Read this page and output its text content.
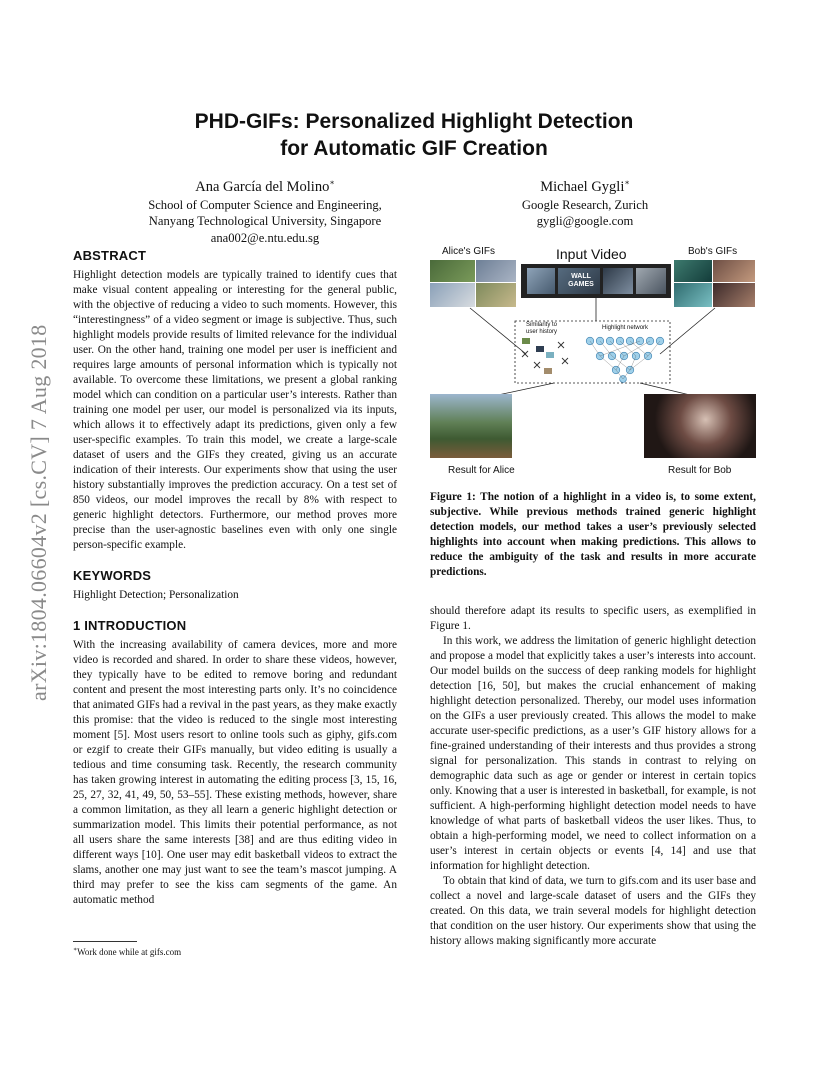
arXiv:1804.06604v2 [cs.CV] 7 Aug 2018
PHD-GIFs: Personalized Highlight Detection
for Automatic GIF Creation
Ana García del Molino∗
School of Computer Science and Engineering,
Nanyang Technological University, Singapore
ana002@e.ntu.edu.sg
Michael Gygli∗
Google Research, Zurich
gygli@google.com
ABSTRACT

Highlight detection models are typically trained to identify cues that make visual content appealing or interesting for the general public, with the objective of reducing a video to such moments. However, this “interestingness” of a video segment or image is subjective. Thus, such highlight models provide results of limited relevance for the individual user. On the other hand, training one model per user is inefficient and requires large amounts of personal information which is typically not available. To overcome these limitations, we present a global ranking model which can condition on a particular user’s interests. Rather than training one model per user, our model is personalized via its inputs, which allows it to effectively adapt its predictions, given only a few user-specific examples. To train this model, we create a large-scale dataset of users and the GIFs they created, giving us an accurate indication of their interests. Our experiments show that using the user history substantially improves the prediction accuracy. On a test set of 850 videos, our model improves the recall by 8% with respect to generic highlight detectors. Furthermore, our method proves more precise than the user-agnostic baselines even with only one single person-specific example.

KEYWORDS

Highlight Detection; Personalization

1 INTRODUCTION

With the increasing availability of camera devices, more and more video is recorded and shared. In order to share these videos, however, they typically have to be edited to remove boring and redundant content and present the most interesting parts only. It’s no coincidence that animated GIFs had a revival in the past years, as they make exactly this promise: that the video is reduced to the single most interesting moment [5]. Most users resort to online tools such as giphy, gifs.com or ezgif to create their GIFs manually, but video editing is usually a tedious and time consuming task. Recently, the research community has taken growing interest in automating the editing process [3, 15, 16, 25, 27, 32, 41, 49, 50, 53–55]. These existing methods, however, share a common limitation, as they all learn a generic highlight detection or summarization model. This limits their potential performance, as not all users share the same interests [38] and are thus editing video in different ways [10]. One user may edit basketball videos to extract the slams, another one may just want to see the team’s mascot jumping. A third may prefer to see the kiss cam segments of the game. An automatic method

Alice's GIFs	Input Video	Bob's GIFs
WALL GAMES
Similarity to user history
Highlight network
Result for Alice	Result for Bob
Figure 1: The notion of a highlight in a video is, to some extent, subjective. While previous methods trained generic highlight detection models, our method takes a user’s previously selected highlights into account when making predictions. This allows to reduce the ambiguity of the task and results in more accurate predictions.

should therefore adapt its results to specific users, as exemplified in Figure 1.

In this work, we address the limitation of generic highlight detection and propose a model that explicitly takes a user’s interests into account. Our model builds on the success of deep ranking models for highlight detection [16, 50], but makes the crucial enhancement of making highlight detection personalized. Thereby, our model uses information on the GIFs a user previously created. This allows the model to make accurate user-specific predictions, as a user’s GIF history allows for a fine-grained understanding of their interests and thus provides a strong signal for personalization. This stands in contrast to relying on demographic data such as age or gender or interest in certain topics only. Knowing that a user is interested in basketball, for example, is not sufficient. A high-performing highlight detection model needs to have knowledge of what parts of basketball videos the user likes. Thus, to obtain a high-performing model, we need to collect information on a user’s interest in certain objects or events [4, 14] and use that information for highlight detection.

To obtain that kind of data, we turn to gifs.com and its user base and collect a novel and large-scale dataset of users and the GIFs they created. On this data, we train several models for highlight detection that condition on the user history. Our experiments show that using the history allows making significantly more accurate

∗Work done while at gifs.com
